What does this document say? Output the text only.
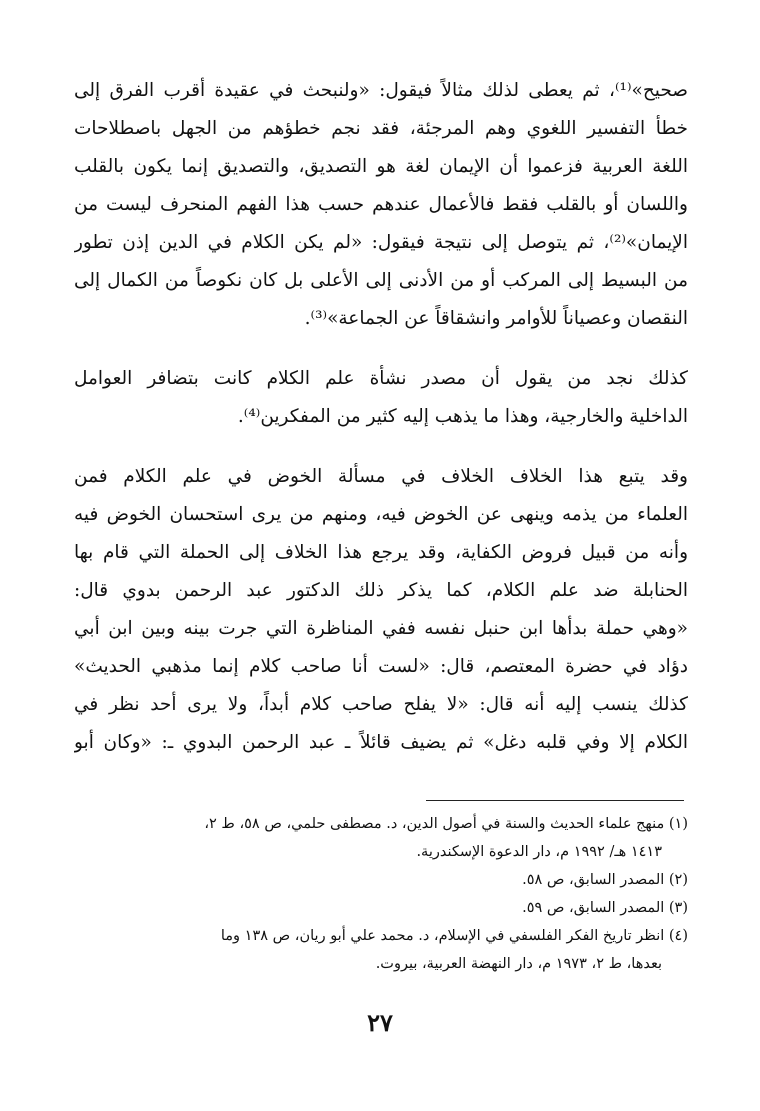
صحيح»⁽¹⁾، ثم يعطى لذلك مثالاً فيقول: «ولنبحث في عقيدة أقرب الفرق إلى
خطأ التفسير اللغوي وهم المرجئة، فقد نجم خطؤهم من الجهل باصطلاحات
اللغة العربية فزعموا أن الإيمان لغة هو التصديق، والتصديق إنما يكون بالقلب
واللسان أو بالقلب فقط فالأعمال عندهم حسب هذا الفهم المنحرف ليست من
الإيمان»⁽²⁾، ثم يتوصل إلى نتيجة فيقول: «لم يكن الكلام في الدين إذن تطور
من البسيط إلى المركب أو من الأدنى إلى الأعلى بل كان نكوصاً من الكمال إلى
النقصان وعصياناً للأوامر وانشقاقاً عن الجماعة»⁽³⁾.
كذلك نجد من يقول أن مصدر نشأة علم الكلام كانت بتضافر العوامل
الداخلية والخارجية، وهذا ما يذهب إليه كثير من المفكرين⁽⁴⁾.
وقد يتبع هذا الخلاف الخلاف في مسألة الخوض في علم الكلام فمن
العلماء من يذمه وينهى عن الخوض فيه، ومنهم من يرى استحسان الخوض فيه
وأنه من قبيل فروض الكفاية، وقد يرجع هذا الخلاف إلى الحملة التي قام بها
الحنابلة ضد علم الكلام، كما يذكر ذلك الدكتور عبد الرحمن بدوي قال:
«وهي حملة بدأها ابن حنبل نفسه ففي المناظرة التي جرت بينه وبين ابن أبي
دؤاد في حضرة المعتصم، قال: «لست أنا صاحب كلام إنما مذهبي الحديث»
كذلك ينسب إليه أنه قال: «لا يفلح صاحب كلام أبداً، ولا يرى أحد نظر في
الكلام إلا وفي قلبه دغل» ثم يضيف قائلاً ـ عبد الرحمن البدوي ـ: «وكان أبو
(١) منهج علماء الحديث والسنة في أصول الدين، د. مصطفى حلمي، ص ٥٨، ط ٢،
١٤١٣ هـ/ ١٩٩٢ م، دار الدعوة الإسكندرية.
(٢) المصدر السابق، ص ٥٨.
(٣) المصدر السابق، ص ٥٩.
(٤) انظر تاريخ الفكر الفلسفي في الإسلام، د. محمد علي أبو ريان، ص ١٣٨ وما
بعدها، ط ٢، ١٩٧٣ م، دار النهضة العربية، بيروت.
٢٧
